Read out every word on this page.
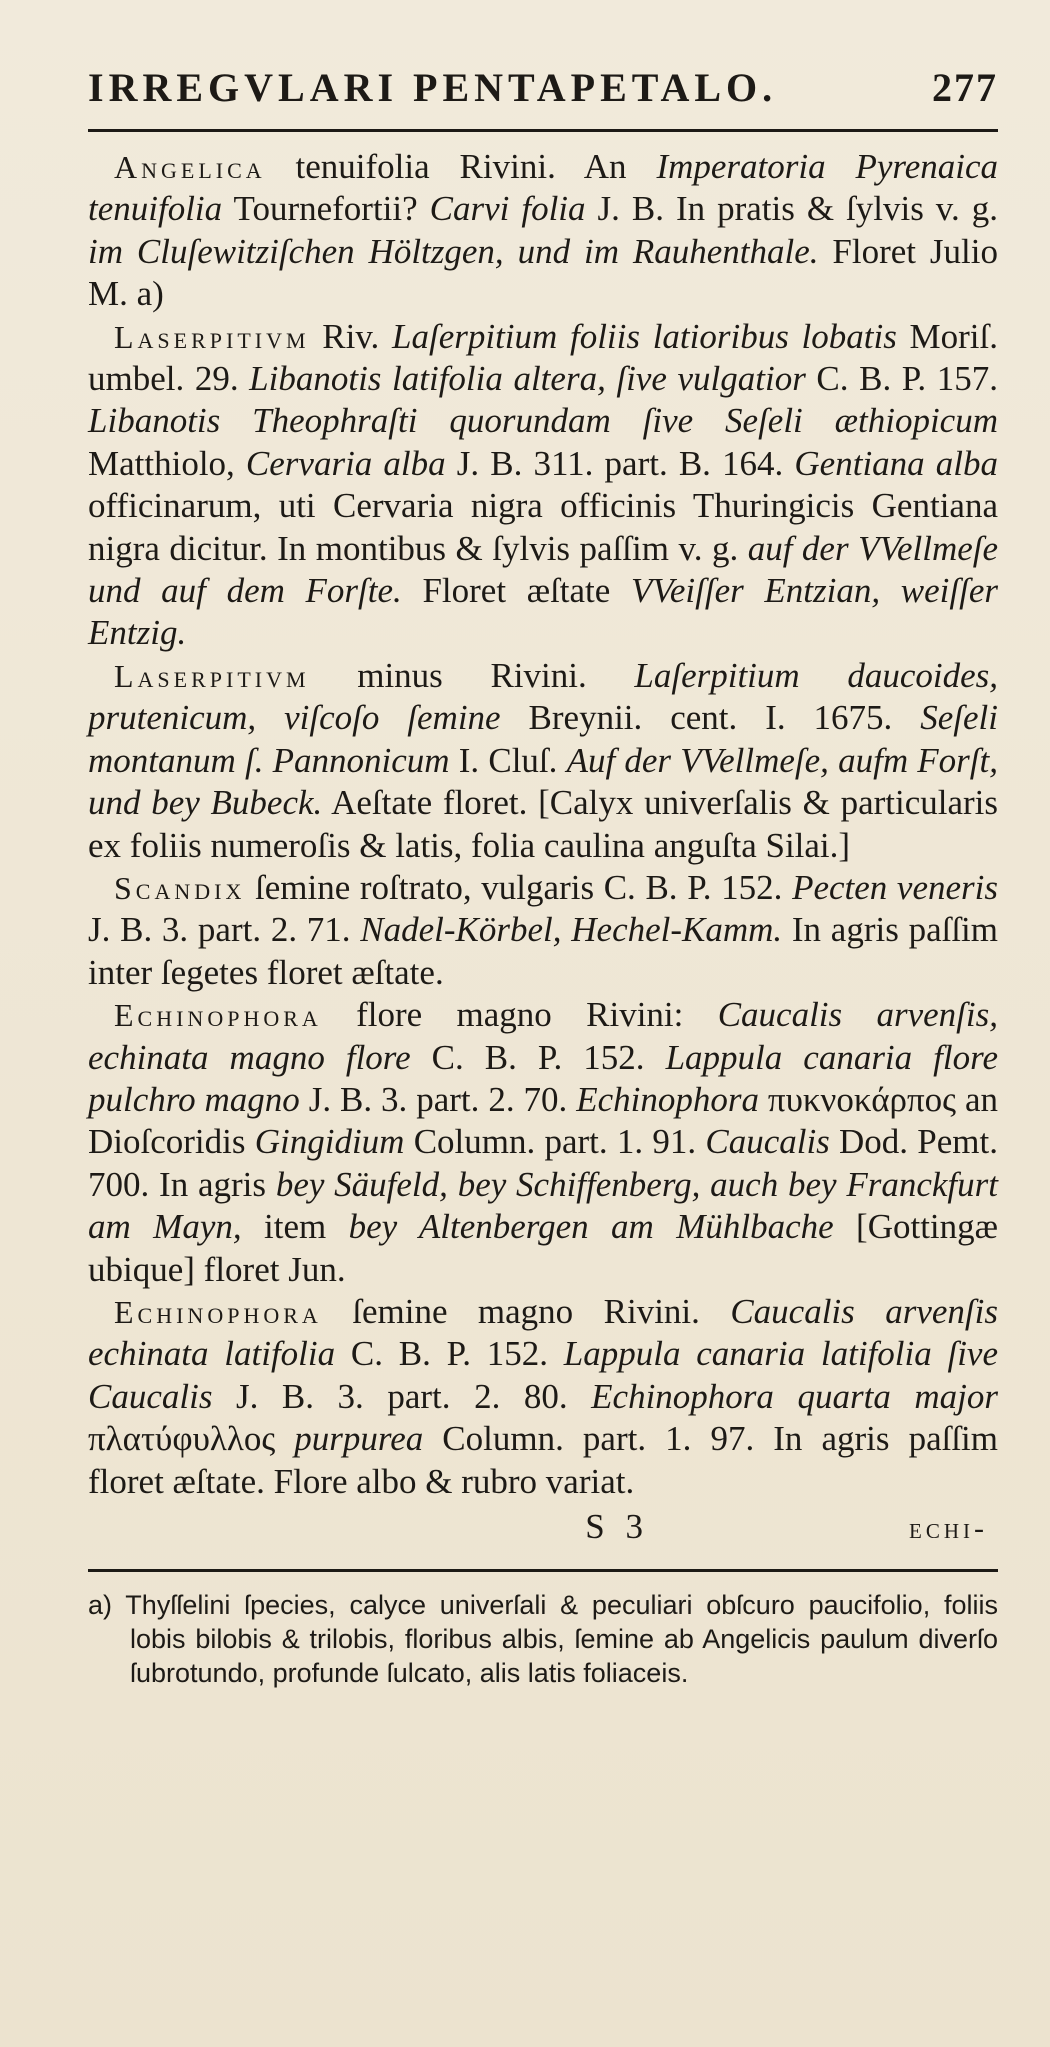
IRREGVLARI PENTAPETALO.	277

Angelica tenuifolia Rivini. An Imperatoria Pyrenaica tenuifolia Tournefortii? Carvi folia J. B. In pratis & ſylvis v. g. im Cluſewitziſchen Höltzgen, und im Rauhenthale. Floret Julio M. a)

Laserpitivm Riv. Laſerpitium foliis latioribus lobatis Moriſ. umbel. 29. Libanotis latifolia altera, ſive vulgatior C. B. P. 157. Libanotis Theophraſti quorundam ſive Seſeli æthiopicum Matthiolo, Cervaria alba J. B. 311. part. B. 164. Gentiana alba officinarum, uti Cervaria nigra officinis Thuringicis Gentiana nigra dicitur. In montibus & ſylvis paſſim v. g. auf der VVellmeſe und auf dem Forſte. Floret æſtate VVeiſſer Entzian, weiſſer Entzig.

Laserpitivm minus Rivini. Laſerpitium daucoides, prutenicum, viſcoſo ſemine Breynii. cent. I. 1675. Seſeli montanum ſ. Pannonicum I. Cluſ. Auf der VVellmeſe, aufm Forſt, und bey Bubeck. Aeſtate floret. [Calyx univerſalis & particularis ex foliis numeroſis & latis, folia caulina anguſta Silai.]

Scandix ſemine roſtrato, vulgaris C. B. P. 152. Pecten veneris J. B. 3. part. 2. 71. Nadel-Körbel, Hechel-Kamm. In agris paſſim inter ſegetes floret æſtate.

Echinophora flore magno Rivini: Caucalis arvenſis, echinata magno flore C. B. P. 152. Lappula canaria flore pulchro magno J. B. 3. part. 2. 70. Echinophora πυκνοκάρπος an Dioſcoridis Gingidium Column. part. 1. 91. Caucalis Dod. Pemt. 700. In agris bey Säufeld, bey Schiffenberg, auch bey Franckfurt am Mayn, item bey Altenbergen am Mühlbache [Gottingæ ubique] floret Jun.

Echinophora ſemine magno Rivini. Caucalis arvenſis echinata latifolia C. B. P. 152. Lappula canaria latifolia ſive Caucalis J. B. 3. part. 2. 80. Echinophora quarta major πλατύφυλλος purpurea Column. part. 1. 97. In agris paſſim floret æſtate. Flore albo & rubro variat.

S 3	echi-
a) Thyſſelini ſpecies, calyce univerſali & peculiari obſcuro paucifolio, foliis lobis bilobis & trilobis, floribus albis, ſemine ab Angelicis paulum diverſo ſubrotundo, profunde ſulcato, alis latis foliaceis.
